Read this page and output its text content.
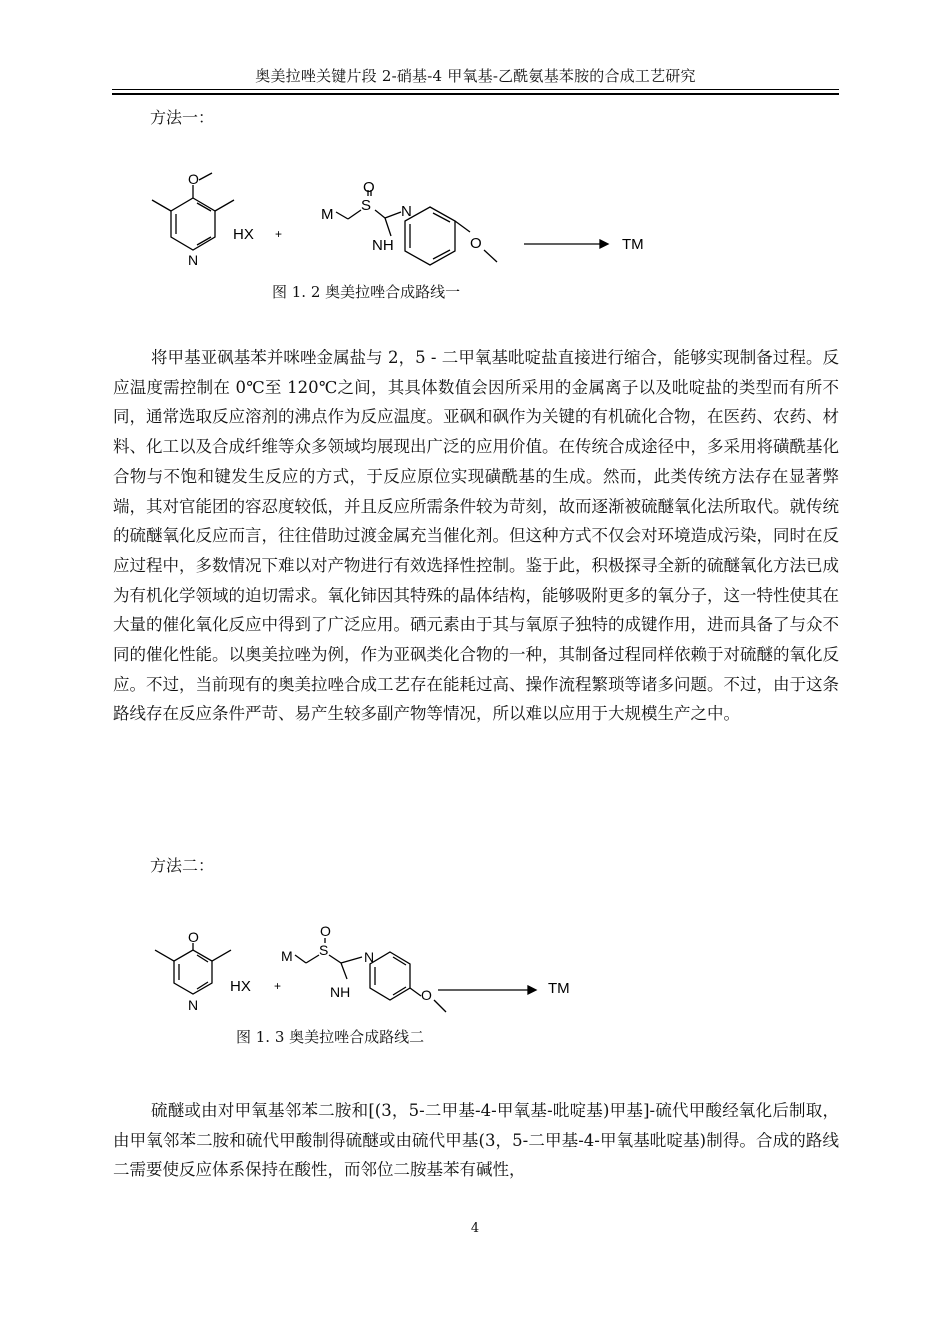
奥美拉唑关键片段 2-硝基-4 甲氧基-乙酰氨基苯胺的合成工艺研究
方法一：
O
N
HX +
M
S
O
N
NH	O	TM
图 1. 2 奥美拉唑合成路线一

将甲基亚砜基苯并咪唑金属盐与 2，5 - 二甲氧基吡啶盐直接进行缩合，能够实现制备过程。反应温度需控制在 0℃至 120℃之间，其具体数值会因所采用的金属离子以及吡啶盐的类型而有所不同，通常选取反应溶剂的沸点作为反应温度。亚砜和砜作为关键的有机硫化合物，在医药、农药、材料、化工以及合成纤维等众多领域均展现出广泛的应用价值。在传统合成途径中，多采用将磺酰基化合物与不饱和键发生反应的方式，于反应原位实现磺酰基的生成。然而，此类传统方法存在显著弊端，其对官能团的容忍度较低，并且反应所需条件较为苛刻，故而逐渐被硫醚氧化法所取代。就传统的硫醚氧化反应而言，往往借助过渡金属充当催化剂。但这种方式不仅会对环境造成污染，同时在反应过程中，多数情况下难以对产物进行有效选择性控制。鉴于此，积极探寻全新的硫醚氧化方法已成为有机化学领域的迫切需求。氧化铈因其特殊的晶体结构，能够吸附更多的氧分子，这一特性使其在大量的催化氧化反应中得到了广泛应用。硒元素由于其与氧原子独特的成键作用，进而具备了与众不同的催化性能。以奥美拉唑为例，作为亚砜类化合物的一种，其制备过程同样依赖于对硫醚的氧化反应。不过，当前现有的奥美拉唑合成工艺存在能耗过高、操作流程繁琐等诸多问题。不过，由于这条路线存在反应条件严苛、易产生较多副产物等情况，所以难以应用于大规模生产之中。

方法二：
O
N
HX +
M S
O
N
NH	O	TM
图 1. 3 奥美拉唑合成路线二

硫醚或由对甲氧基邻苯二胺和[(3，5-二甲基-4-甲氧基-吡啶基)甲基]-硫代甲酸经氧化后制取，由甲氧邻苯二胺和硫代甲酸制得硫醚或由硫代甲基(3，5-二甲基-4-甲氧基吡啶基)制得。合成的路线二需要使反应体系保持在酸性，而邻位二胺基苯有碱性，

4
